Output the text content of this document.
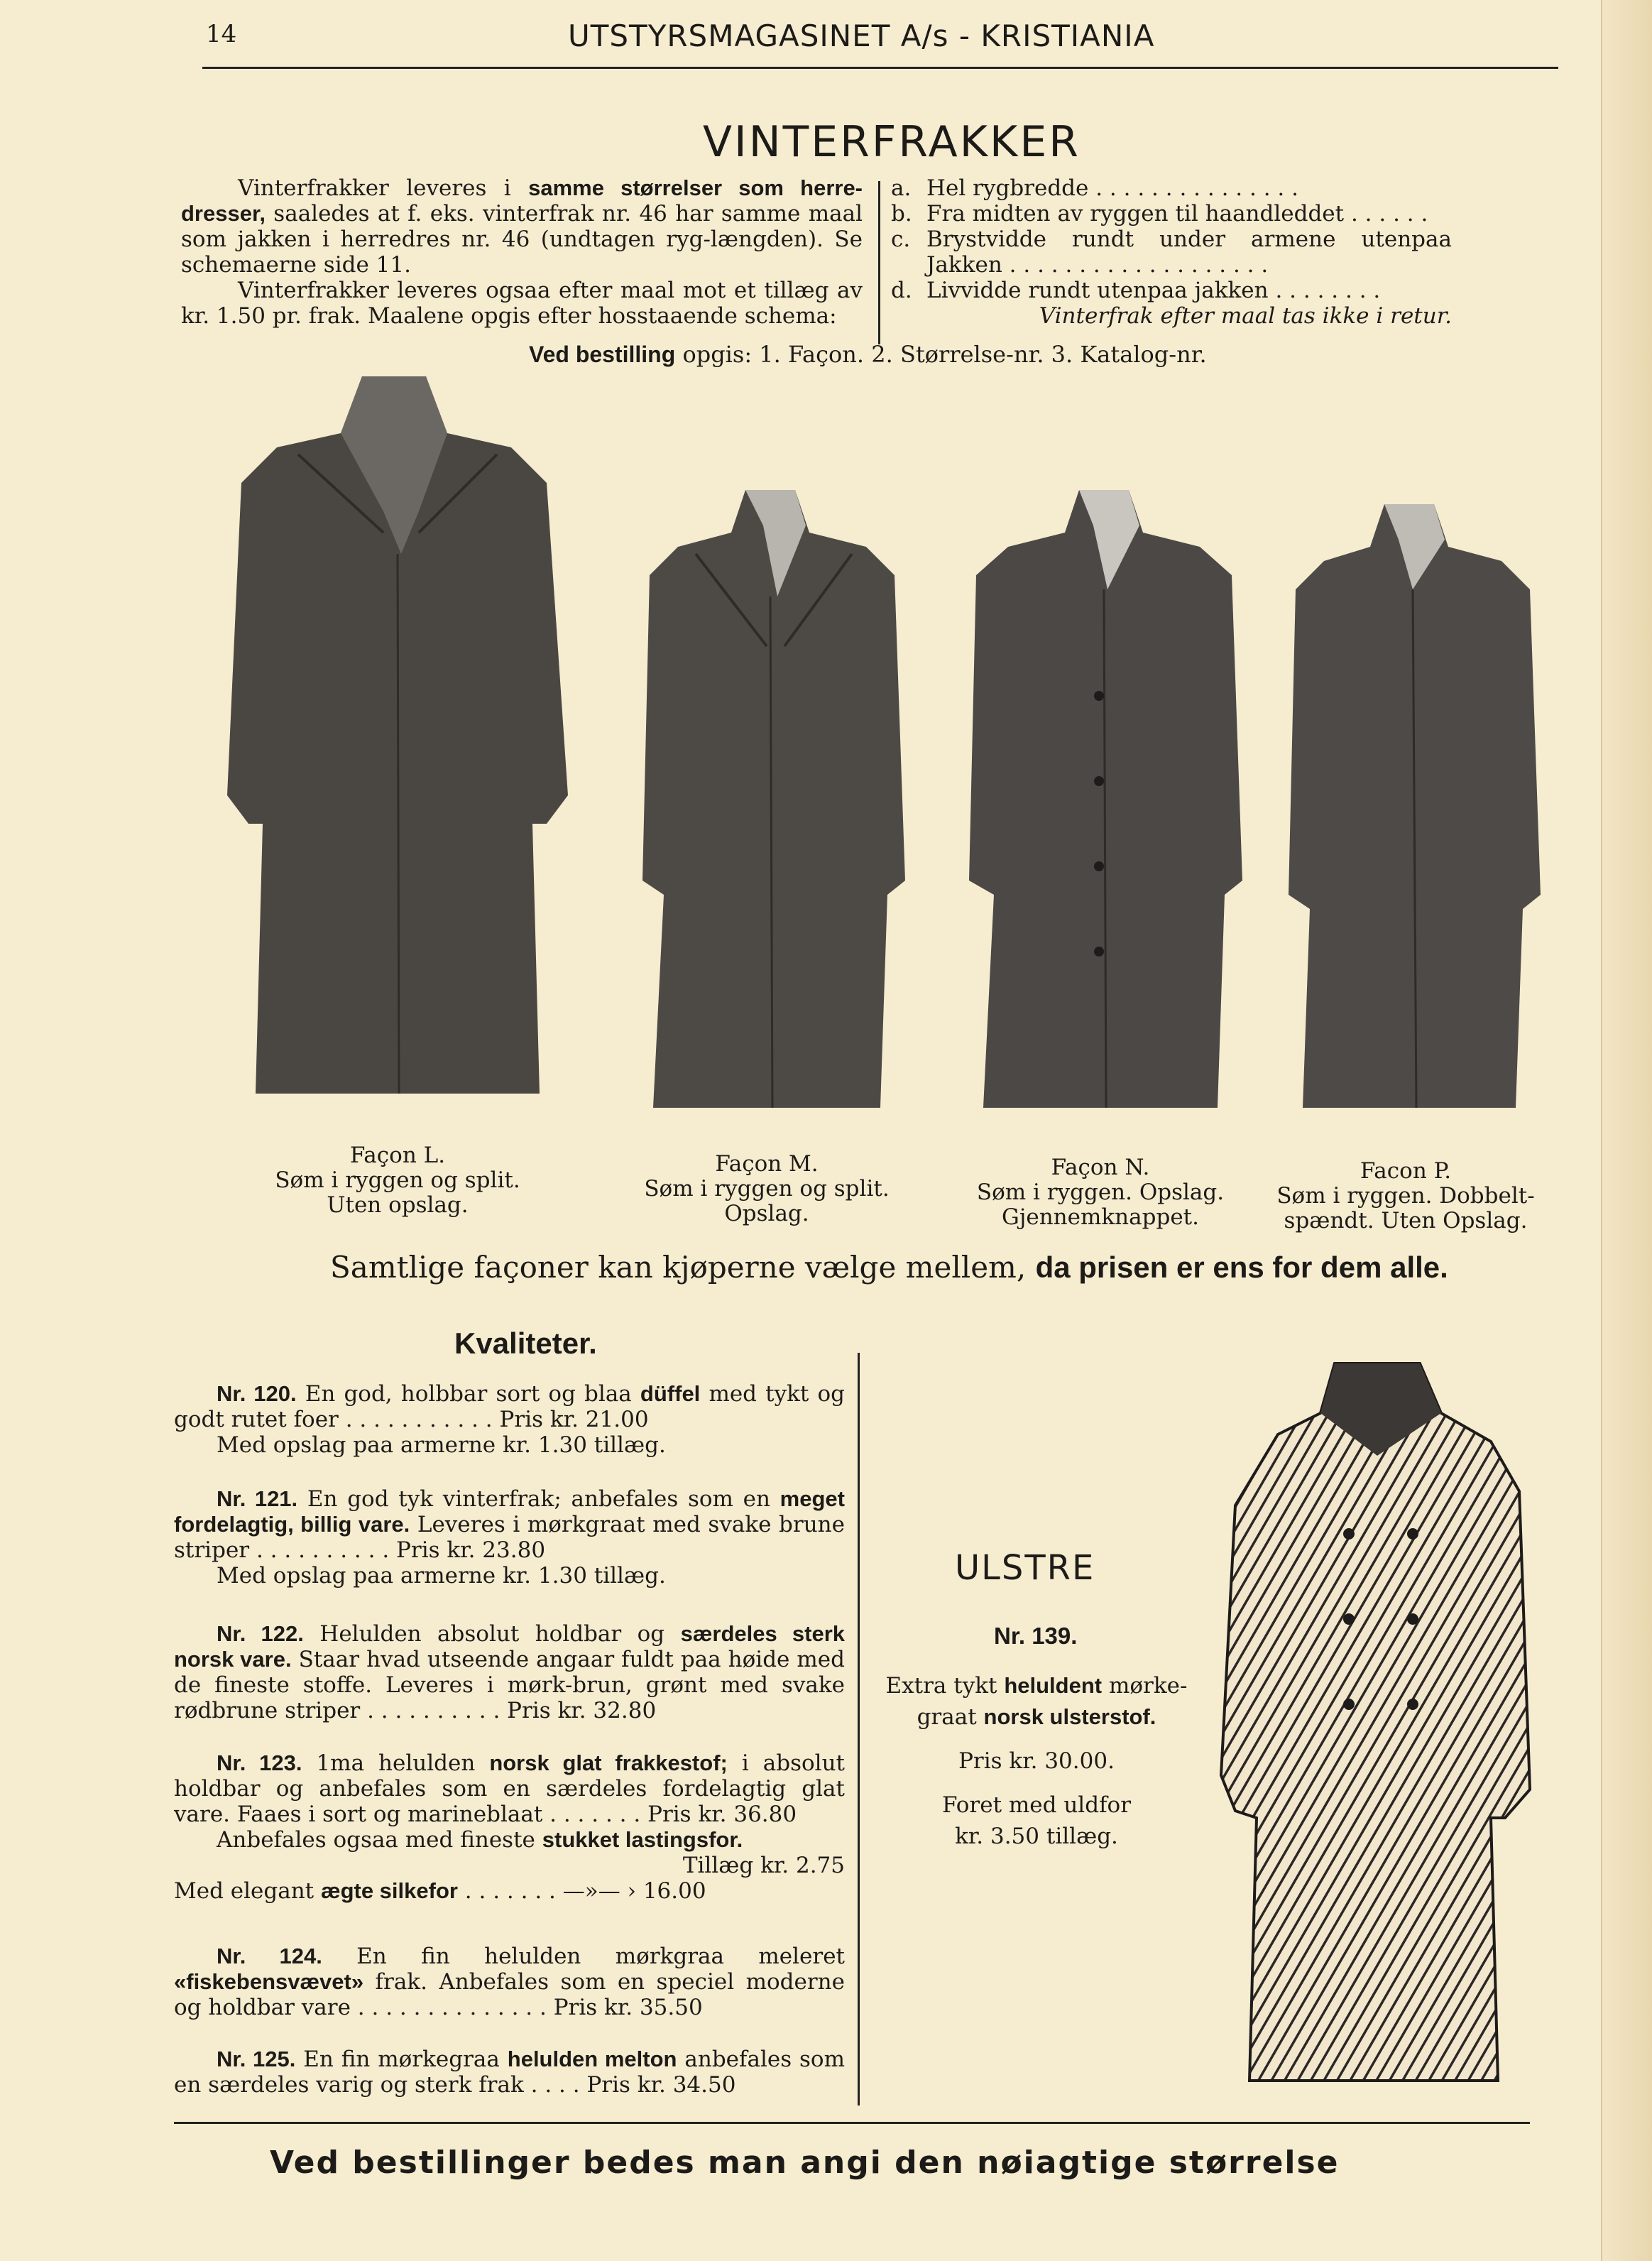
14	UTSTYRSMAGASINET A/s - KRISTIANIA
VINTERFRAKKER

Vinterfrakker leveres i samme størrelser som herre-dresser, saaledes at f. eks. vinterfrak nr. 46 har samme maal som jakken i herredres nr. 46 (undtagen ryg-længden). Se schemaerne side 11.

Vinterfrakker leveres ogsaa efter maal mot et tillæg av kr. 1.50 pr. frak. Maalene opgis efter hosstaaende schema:

a. Hel rygbredde . . . . . . . . . . . . . . .
b. Fra midten av ryggen til haandleddet . . . . . .
c. Brystvidde rundt under armene utenpaa Jakken . . . . . . . . . . . . . . . . . . .
d. Livvidde rundt utenpaa jakken . . . . . . . .
Vinterfrak efter maal tas ikke i retur.
Ved bestilling opgis: 1. Façon. 2. Størrelse-nr. 3. Katalog-nr.
Façon L.
Søm i ryggen og split.
Uten opslag.
Façon M.
Søm i ryggen og split.
Opslag.
Façon N.
Søm i ryggen. Opslag.
Gjennemknappet.
Facon P.
Søm i ryggen. Dobbelt-
spændt. Uten Opslag.
Samtlige façoner kan kjøperne vælge mellem, da prisen er ens for dem alle.
Kvaliteter.

Nr. 120. En god, holbbar sort og blaa düffel med tykt og godt rutet foer . . . . . . . . . . . Pris kr. 21.00

Med opslag paa armerne kr. 1.30 tillæg.

Nr. 121. En god tyk vinterfrak; anbefales som en meget fordelagtig, billig vare. Leveres i mørkgraat med svake brune striper . . . . . . . . . . Pris kr. 23.80

Med opslag paa armerne kr. 1.30 tillæg.

Nr. 122. Helulden absolut holdbar og særdeles sterk norsk vare. Staar hvad utseende angaar fuldt paa høide med de fineste stoffe. Leveres i mørk-brun, grønt med svake rødbrune striper . . . . . . . . . . Pris kr. 32.80

Nr. 123. 1ma helulden norsk glat frakkestof; i absolut holdbar og anbefales som en særdeles fordelagtig glat vare. Faaes i sort og marineblaat . . . . . . . Pris kr. 36.80

Anbefales ogsaa med fineste stukket lastingsfor.

Tillæg kr. 2.75

Med elegant ægte silkefor . . . . . . . —»— › 16.00

Nr. 124. En fin helulden mørkgraa meleret «fiskebensvævet» frak. Anbefales som en speciel moderne og holdbar vare . . . . . . . . . . . . . . Pris kr. 35.50

Nr. 125. En fin mørkegraa helulden melton anbefales som en særdeles varig og sterk frak . . . . Pris kr. 34.50

ULSTRE
Nr. 139.
Extra tykt heluldent mørke-
graat norsk ulsterstof.
Pris kr. 30.00.
Foret med uldfor
kr. 3.50 tillæg.
Ved bestillinger bedes man angi den nøiagtige størrelse
